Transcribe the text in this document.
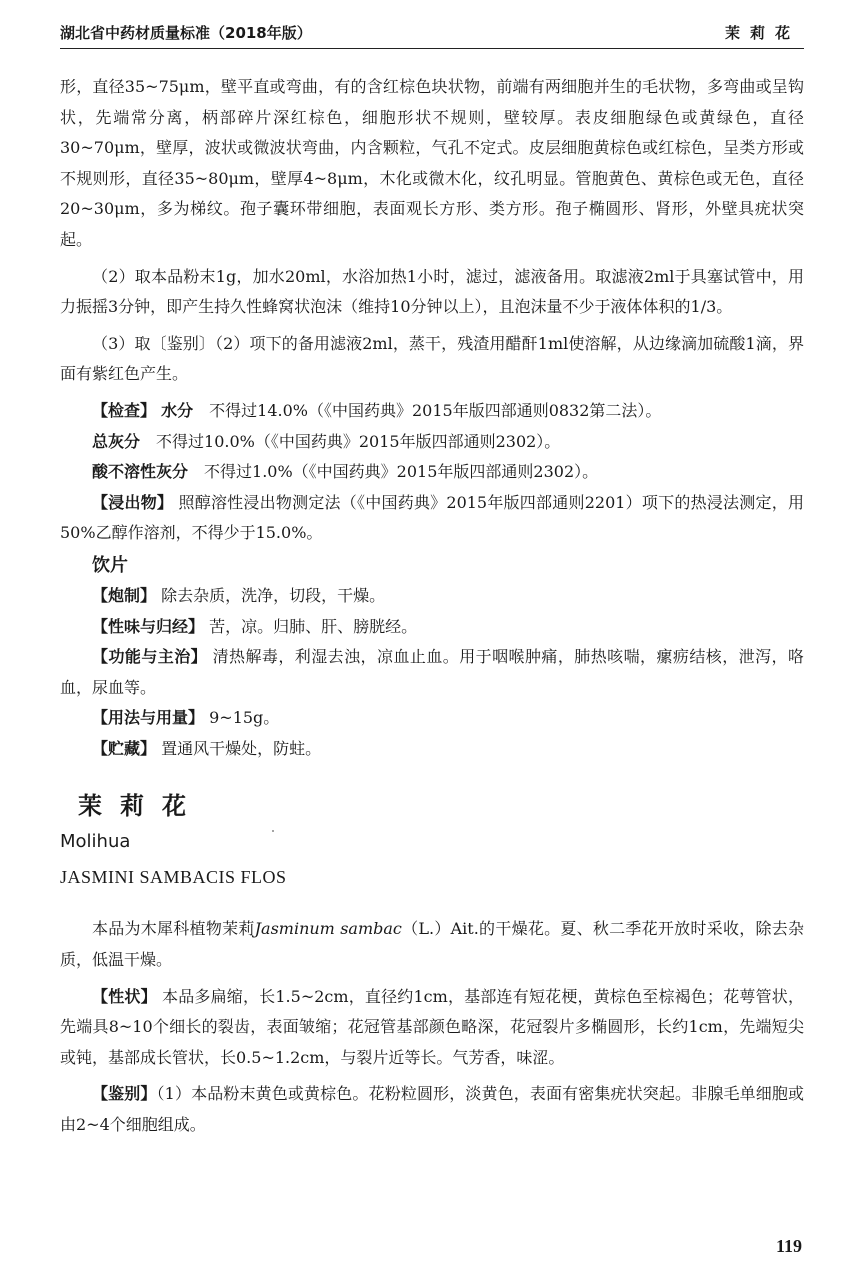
湖北省中药材质量标准（2018年版）	茉莉花

形，直径35~75μm，壁平直或弯曲，有的含红棕色块状物，前端有两细胞并生的毛状物，多弯曲或呈钩状，先端常分离，柄部碎片深红棕色，细胞形状不规则，壁较厚。表皮细胞绿色或黄绿色，直径30~70μm，壁厚，波状或微波状弯曲，内含颗粒，气孔不定式。皮层细胞黄棕色或红棕色，呈类方形或不规则形，直径35~80μm，壁厚4~8μm，木化或微木化，纹孔明显。管胞黄色、黄棕色或无色，直径20~30μm，多为梯纹。孢子囊环带细胞，表面观长方形、类方形。孢子椭圆形、肾形，外壁具疣状突起。

（2）取本品粉末1g，加水20ml，水浴加热1小时，滤过，滤液备用。取滤液2ml于具塞试管中，用力振摇3分钟，即产生持久性蜂窝状泡沫（维持10分钟以上），且泡沫量不少于液体体积的1/3。

（3）取〔鉴别〕（2）项下的备用滤液2ml，蒸干，残渣用醋酐1ml使溶解，从边缘滴加硫酸1滴，界面有紫红色产生。

【检查】 水分　 不得过14.0%（《中国药典》2015年版四部通则0832第二法）。

总灰分　 不得过10.0%（《中国药典》2015年版四部通则2302）。

酸不溶性灰分　 不得过1.0%（《中国药典》2015年版四部通则2302）。

【浸出物】 照醇溶性浸出物测定法（《中国药典》2015年版四部通则2201）项下的热浸法测定，用50%乙醇作溶剂，不得少于15.0%。

饮片

【炮制】 除去杂质，洗净，切段，干燥。

【性味与归经】 苦，凉。归肺、肝、膀胱经。

【功能与主治】 清热解毒，利湿去浊，凉血止血。用于咽喉肿痛，肺热咳喘，瘰疬结核，泄泻，咯血，尿血等。

【用法与用量】 9~15g。

【贮藏】 置通风干燥处，防蛀。

茉莉花

Molihua

JASMINI SAMBACIS FLOS

本品为木犀科植物茉莉Jasminum sambac（L.）Ait.的干燥花。夏、秋二季花开放时采收，除去杂质，低温干燥。

【性状】 本品多扁缩，长1.5~2cm，直径约1cm，基部连有短花梗，黄棕色至棕褐色；花萼管状，先端具8~10个细长的裂齿，表面皱缩；花冠管基部颜色略深，花冠裂片多椭圆形，长约1cm，先端短尖或钝，基部成长管状，长0.5~1.2cm，与裂片近等长。气芳香，味涩。

【鉴别】（1）本品粉末黄色或黄棕色。花粉粒圆形，淡黄色，表面有密集疣状突起。非腺毛单细胞或由2~4个细胞组成。

119
